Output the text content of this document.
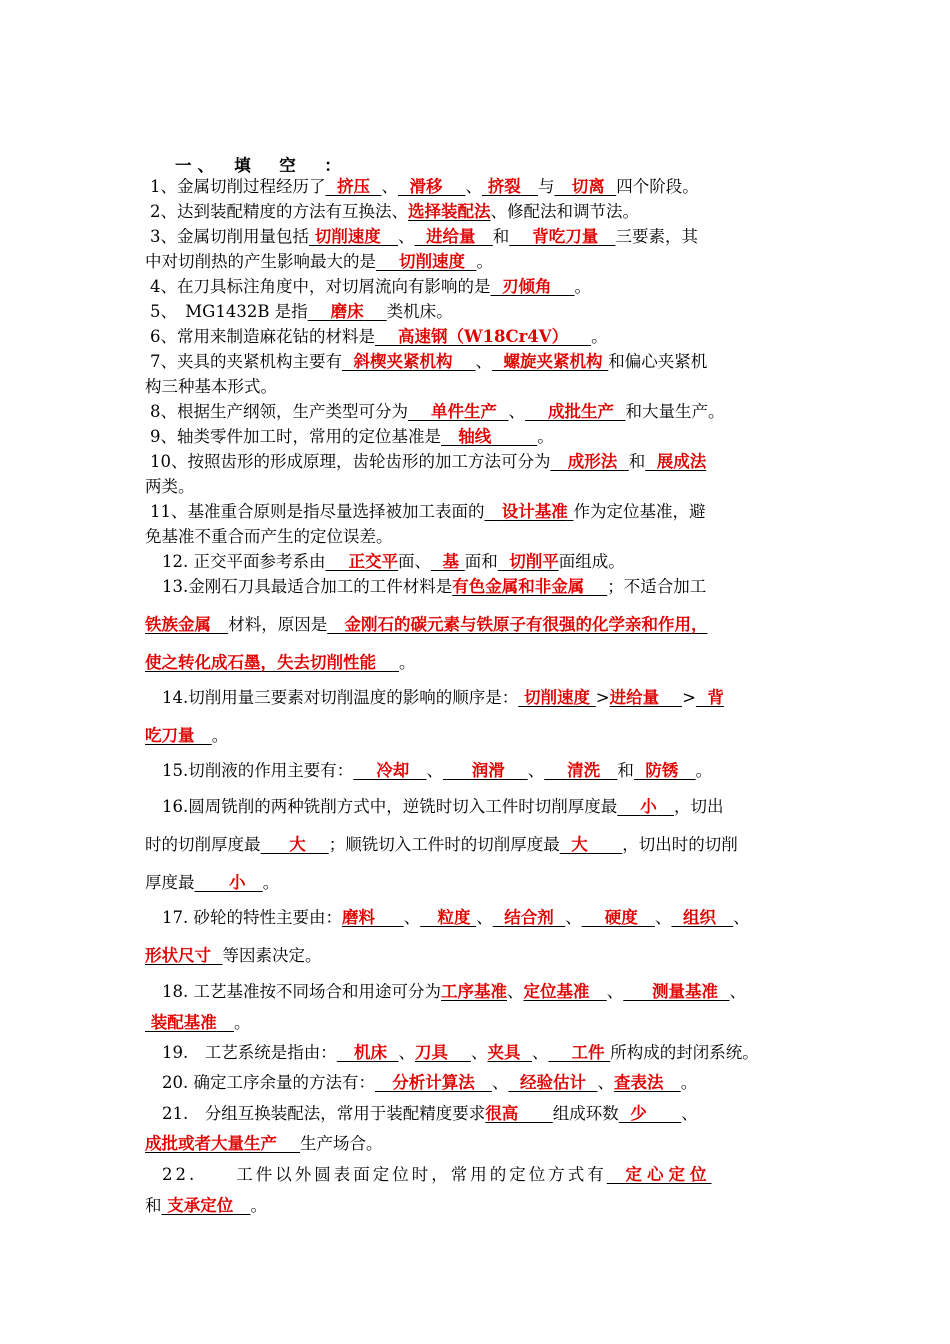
一、　填　空　：
1、金属切削过程经历了 挤压 、 滑移 、 挤裂 与 切离 四个阶段。
2、达到装配精度的方法有互换法、选择装配法、修配法和调节法。
3、金属切削用量包括 切削速度 、 进给量 和 背吃刀量 三要素，其
中对切削热的产生影响最大的是 切削速度 。
4、在刀具标注角度中，对切屑流向有影响的是 刃倾角 。
5、　MG1432B 是指 磨床 类机床。
6、常用来制造麻花钻的材料是 高速钢（W18Cr4V） 。
7、夹具的夹紧机构主要有 斜楔夹紧机构 、 螺旋夹紧机构 和偏心夹紧机
构三种基本形式。
8、根据生产纲领，生产类型可分为 单件生产 、 成批生产 和大量生产。
9、轴类零件加工时，常用的定位基准是 轴线	。
10、按照齿形的形成原理，齿轮齿形的加工方法可分为 成形法 和 展成法
两类。
11、基准重合原则是指尽量选择被加工表面的 设计基准 作为定位基准，避
免基准不重合而产生的定位误差。
12. 正交平面参考系由 正交平面、 基 面和 切削平面组成。
13.金刚石刀具最适合加工的工件材料是有色金属和非金属 ；不适合加工
铁族金属 材料，原因是 金刚石的碳元素与铁原子有很强的化学亲和作用，
使之转化成石墨，失去切削性能 。
14.切削用量三要素对切削温度的影响的顺序是： 切削速度 >进给量 > 背
吃刀量 。
15.切削液的作用主要有： 冷却 、 润滑 、 清洗 和 防锈 。
16.圆周铣削的两种铣削方式中，逆铣时切入工件时切削厚度最 小 ，切出
时的切削厚度最 大 ；顺铣切入工件时的切削厚度最 大 ，切出时的切削
厚度最 小 。
17. 砂轮的特性主要由：磨料 、 粒度 、 结合剂 、 硬度 、 组织 、
形状尺寸 等因素决定。
18. 工艺基准按不同场合和用途可分为工序基准、定位基准 、 测量基准 、
装配基准 。
19.　工艺系统是指由： 机床 、刀具 、夹具 、 工件 所构成的封闭系统。
20. 确定工序余量的方法有： 分析计算法 、 经验估计 、查表法 。
21.　分组互换装配法，常用于装配精度要求很高 组成环数 少 、
成批或者大量生产 生产场合。
22.　　工件以外圆表面定位时，常用的定位方式有 定心定位
和 支承定位 。
